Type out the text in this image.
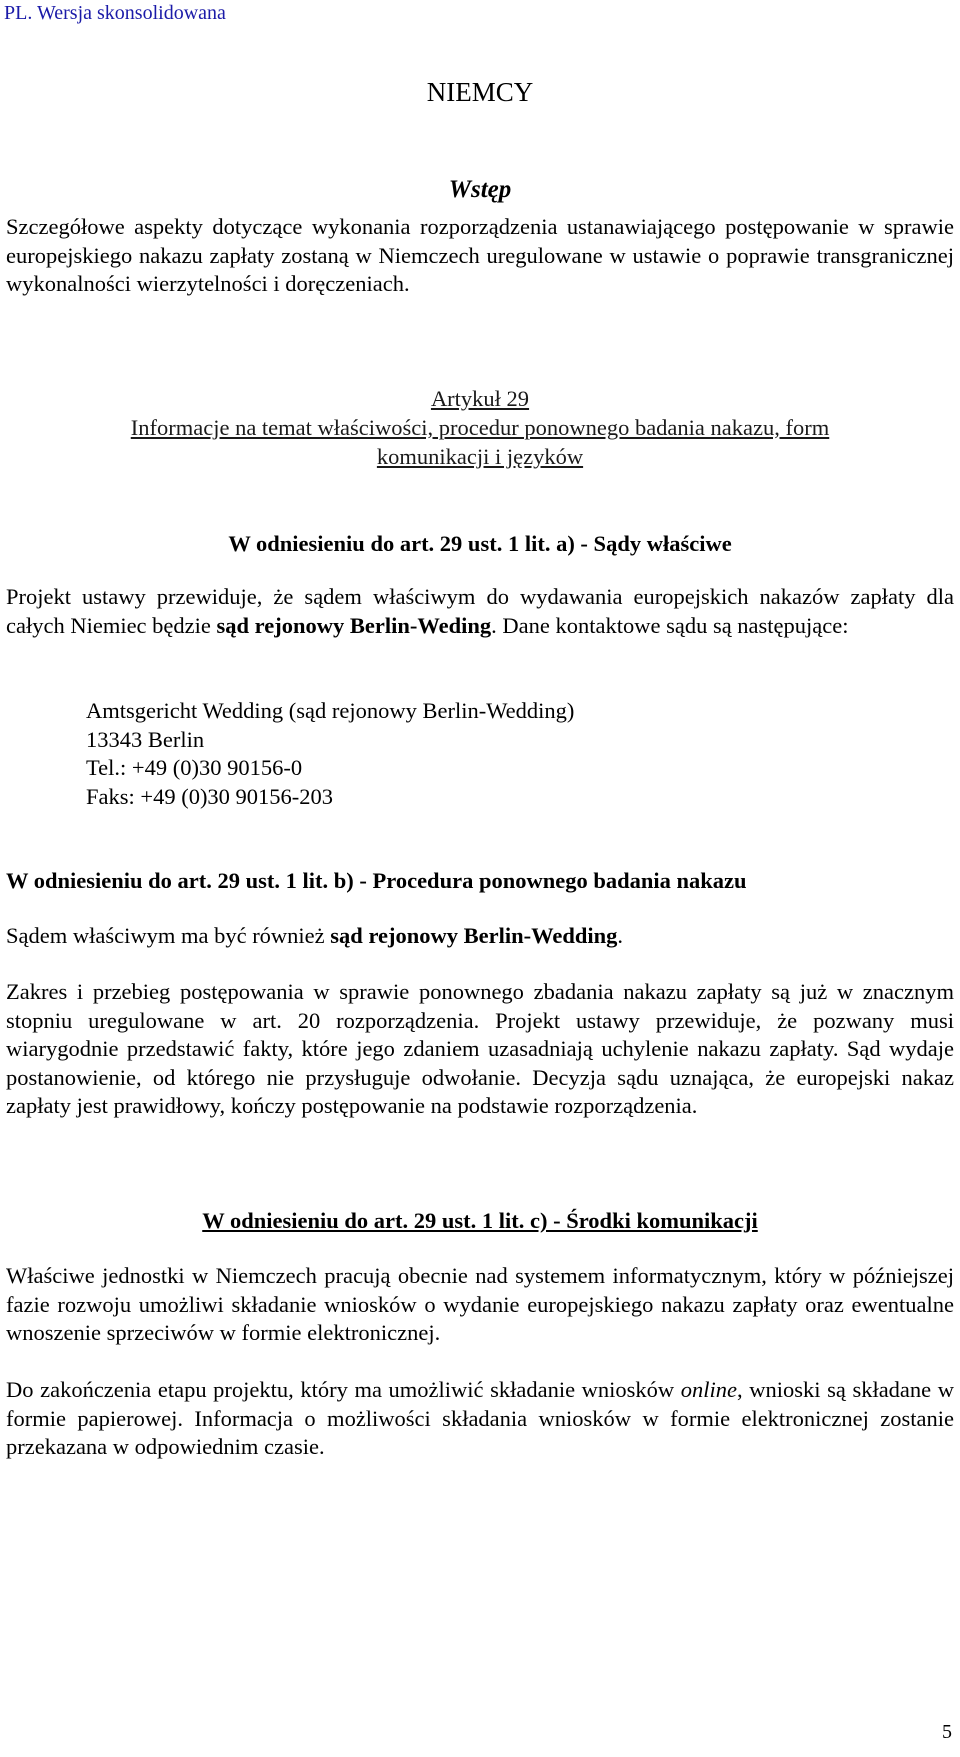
PL. Wersja skonsolidowana
NIEMCY
Wstęp

Szczegółowe aspekty dotyczące wykonania rozporządzenia ustanawiającego postępowanie w sprawie europejskiego nakazu zapłaty zostaną w Niemczech uregulowane w ustawie o poprawie transgranicznej wykonalności wierzytelności i doręczeniach.

Artykuł 29
Informacje na temat właściwości, procedur ponownego badania nakazu, form komunikacji i języków
W odniesieniu do art. 29 ust. 1 lit. a) - Sądy właściwe

Projekt ustawy przewiduje, że sądem właściwym do wydawania europejskich nakazów zapłaty dla całych Niemiec będzie sąd rejonowy Berlin-Weding. Dane kontaktowe sądu są następujące:

Amtsgericht Wedding (sąd rejonowy Berlin-Wedding)
13343 Berlin
Tel.: +49 (0)30 90156-0
Faks: +49 (0)30 90156-203
W odniesieniu do art. 29 ust. 1 lit. b) - Procedura ponownego badania nakazu

Sądem właściwym ma być również sąd rejonowy Berlin-Wedding.

Zakres i przebieg postępowania w sprawie ponownego zbadania nakazu zapłaty są już w znacznym stopniu uregulowane w art. 20 rozporządzenia. Projekt ustawy przewiduje, że pozwany musi wiarygodnie przedstawić fakty, które jego zdaniem uzasadniają uchylenie nakazu zapłaty. Sąd wydaje postanowienie, od którego nie przysługuje odwołanie. Decyzja sądu uznająca, że europejski nakaz zapłaty jest prawidłowy, kończy postępowanie na podstawie rozporządzenia.

W odniesieniu do art. 29 ust. 1 lit. c) - Środki komunikacji

Właściwe jednostki w Niemczech pracują obecnie nad systemem informatycznym, który w późniejszej fazie rozwoju umożliwi składanie wniosków o wydanie europejskiego nakazu zapłaty oraz ewentualne wnoszenie sprzeciwów w formie elektronicznej.

Do zakończenia etapu projektu, który ma umożliwić składanie wniosków online, wnioski są składane w formie papierowej. Informacja o możliwości składania wniosków w formie elektronicznej zostanie przekazana w odpowiednim czasie.

5
